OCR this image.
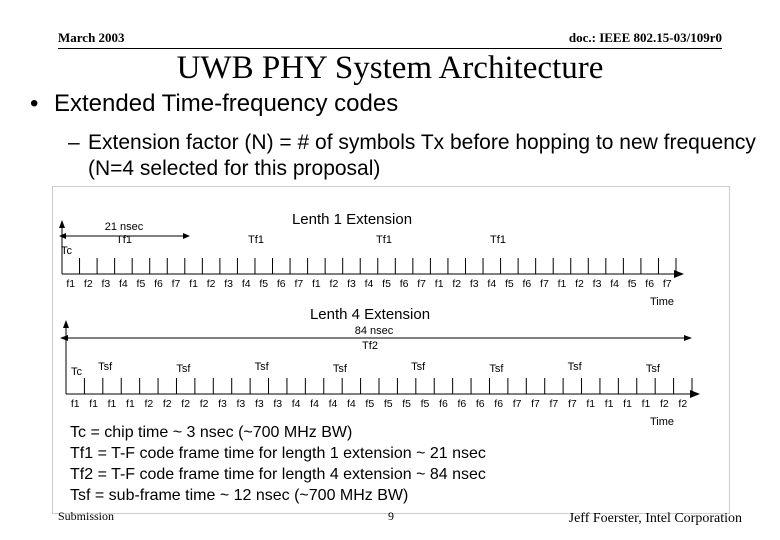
March 2003	doc.: IEEE 802.15-03/109r0
UWB PHY System Architecture
• Extended Time-frequency codes
– Extension factor (N) = # of symbols Tx before hopping to new frequency (N=4 selected for this proposal)
Lenth 1 Extension
21 nsec
Tf1	Tf1	Tf1	Tf1
Tc
f1 f2 f3 f4 f5 f6 f7 f1 f2 f3 f4 f5 f6 f7 f1 f2 f3 f4 f5 f6 f7 f1 f2 f3 f4 f5 f6 f7 f1 f2 f3 f4 f5 f6 f7
Time
Lenth 4 Extension
84 nsec
Tf2
Tc Tsf	Tsf	Tsf	Tsf	Tsf	Tsf	Tsf	Tsf
f1 f1 f1 f1 f2 f2 f2 f2 f3 f3 f3 f3 f4 f4 f4 f4 f5 f5 f5 f5 f6 f6 f6 f6 f7 f7 f7 f7 f1 f1 f1 f1 f2 f2
Time
Tc = chip time ~ 3 nsec (~700 MHz BW)
Tf1 = T-F code frame time for length 1 extension ~ 21 nsec
Tf2 = T-F code frame time for length 4 extension ~ 84 nsec
Tsf = sub-frame time ~ 12 nsec (~700 MHz BW)
Submission	9	Jeff Foerster, Intel Corporation
